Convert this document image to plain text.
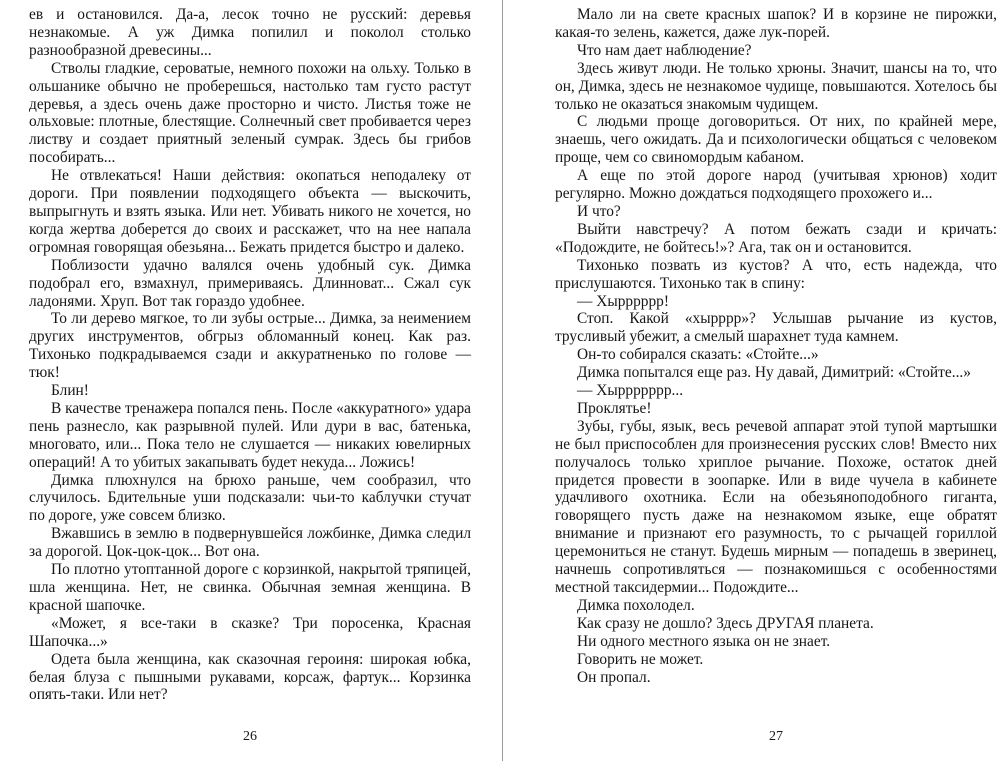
ев и остановился. Да-а, лесок точно не русский: деревья незнакомые. А уж Димка попилил и поколол столько разнообразной древесины...

Стволы гладкие, сероватые, немного похожи на ольху. Только в ольшанике обычно не проберешься, настолько там густо растут деревья, а здесь очень даже просторно и чисто. Листья тоже не ольховые: плотные, блестящие. Солнечный свет пробивается через листву и создает приятный зеленый сумрак. Здесь бы грибов пособирать...

Не отвлекаться! Наши действия: окопаться неподалеку от дороги. При появлении подходящего объекта — выскочить, выпрыгнуть и взять языка. Или нет. Убивать никого не хочется, но когда жертва доберется до своих и расскажет, что на нее напала огромная говорящая обезьяна... Бежать придется быстро и далеко.

Поблизости удачно валялся очень удобный сук. Димка подобрал его, взмахнул, примериваясь. Длинноват... Сжал сук ладонями. Хруп. Вот так гораздо удобнее.

То ли дерево мягкое, то ли зубы острые... Димка, за неимением других инструментов, обгрыз обломанный конец. Как раз. Тихонько подкрадываемся сзади и аккуратненько по голове — тюк!

Блин!

В качестве тренажера попался пень. После «аккуратного» удара пень разнесло, как разрывной пулей. Или дури в вас, батенька, многовато, или... Пока тело не слушается — никаких ювелирных операций! А то убитых закапывать будет некуда... Ложись!

Димка плюхнулся на брюхо раньше, чем сообразил, что случилось. Бдительные уши подсказали: чьи-то каблучки стучат по дороге, уже совсем близко.

Вжавшись в землю в подвернувшейся ложбинке, Димка следил за дорогой. Цок-цок-цок... Вот она.

По плотно утоптанной дороге с корзинкой, накрытой тряпицей, шла женщина. Нет, не свинка. Обычная земная женщина. В красной шапочке.

«Может, я все-таки в сказке? Три поросенка, Красная Шапочка...»

Одета была женщина, как сказочная героиня: широкая юбка, белая блуза с пышными рукавами, корсаж, фартук... Корзинка опять-таки. Или нет?

26

Мало ли на свете красных шапок? И в корзине не пирожки, какая-то зелень, кажется, даже лук-порей.

Что нам дает наблюдение?

Здесь живут люди. Не только хрюны. Значит, шансы на то, что он, Димка, здесь не незнакомое чудище, повышаются. Хотелось бы только не оказаться знакомым чудищем.

С людьми проще договориться. От них, по крайней мере, знаешь, чего ожидать. Да и психологически общаться с человеком проще, чем со свиномордым кабаном.

А еще по этой дороге народ (учитывая хрюнов) ходит регулярно. Можно дождаться подходящего прохожего и...

И что?

Выйти навстречу? А потом бежать сзади и кричать: «Подождите, не бойтесь!»? Ага, так он и остановится.

Тихонько позвать из кустов? А что, есть надежда, что прислушаются. Тихонько так в спину:

— Хырррррр!

Стоп. Какой «хырррр»? Услышав рычание из кустов, трусливый убежит, а смелый шарахнет туда камнем.

Он-то собирался сказать: «Стойте...»

Димка попытался еще раз. Ну давай, Димитрий: «Стойте...»

— Хыррррррр...

Проклятье!

Зубы, губы, язык, весь речевой аппарат этой тупой мартышки не был приспособлен для произнесения русских слов! Вместо них получалось только хриплое рычание. Похоже, остаток дней придется провести в зоопарке. Или в виде чучела в кабинете удачливого охотника. Если на обезьяноподобного гиганта, говорящего пусть даже на незнакомом языке, еще обратят внимание и признают его разумность, то с рычащей гориллой церемониться не станут. Будешь мирным — попадешь в зверинец, начнешь сопротивляться — познакомишься с особенностями местной таксидермии... Подождите...

Димка похолодел.

Как сразу не дошло? Здесь ДРУГАЯ планета.

Ни одного местного языка он не знает.

Говорить не может.

Он пропал.

27
